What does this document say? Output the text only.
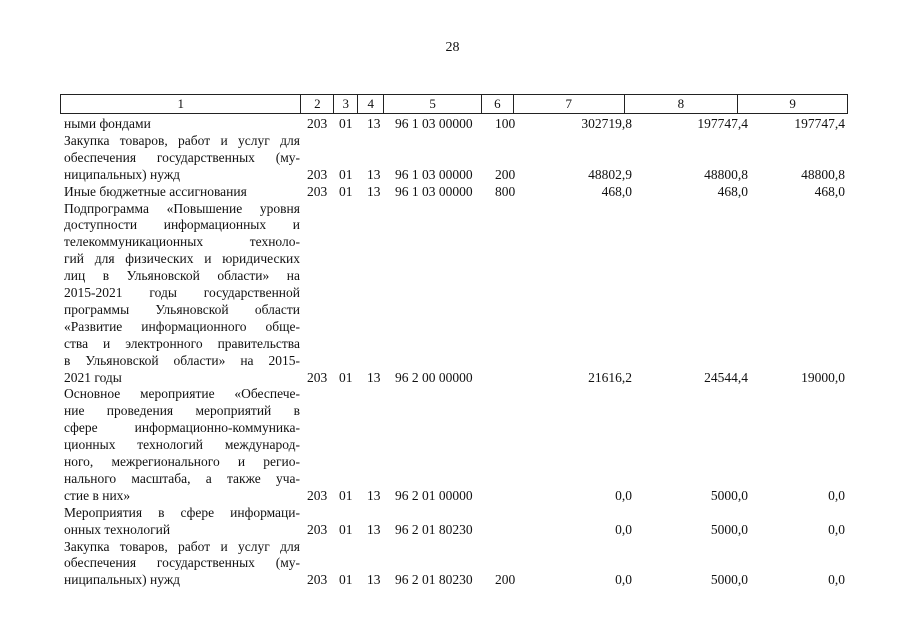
28
1	2	3	4	5	6	7	8	9
ными фондами	203 01 13 96 1 03 00000 100	302719,8	197747,4	197747,4
Закупка товаров, работ и услуг для
обеспечения государственных (му-
ниципальных) нужд	203 01 13 96 1 03 00000 200	48802,9	48800,8	48800,8
Иные бюджетные ассигнования	203 01 13 96 1 03 00000 800	468,0	468,0	468,0
Подпрограмма «Повышение уровня
доступности информационных и
телекоммуникационных техноло-
гий для физических и юридических
лиц в Ульяновской области» на
2015-2021 годы государственной
программы Ульяновской области
«Развитие информационного обще-
ства и электронного правительства
в Ульяновской области» на 2015-
2021 годы	203 01 13 96 2 00 00000	21616,2	24544,4	19000,0
Основное мероприятие «Обеспече-
ние проведения мероприятий в
сфере информационно-коммуника-
ционных технологий международ-
ного, межрегионального и регио-
нального масштаба, а также уча-
стие в них»	203 01 13 96 2 01 00000	0,0	5000,0	0,0
Мероприятия в сфере информаци-
онных технологий	203 01 13 96 2 01 80230	0,0	5000,0	0,0
Закупка товаров, работ и услуг для
обеспечения государственных (му-
ниципальных) нужд	203 01 13 96 2 01 80230 200	0,0	5000,0	0,0
